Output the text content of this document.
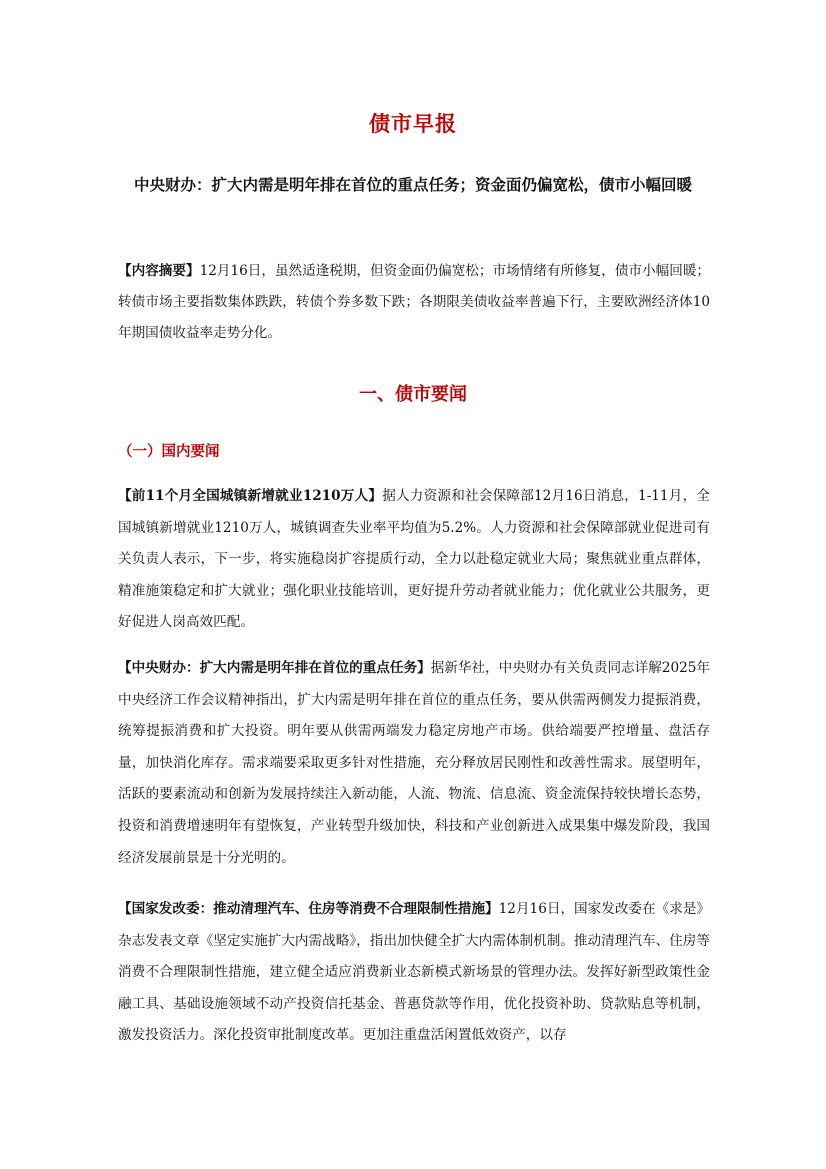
债市早报
中央财办：扩大内需是明年排在首位的重点任务；资金面仍偏宽松，债市小幅回暖
【内容摘要】12月16日，虽然适逢税期，但资金面仍偏宽松；市场情绪有所修复，债市小幅回暖；转债市场主要指数集体跌跌，转债个券多数下跌；各期限美债收益率普遍下行，主要欧洲经济体10年期国债收益率走势分化。
一、债市要闻
（一）国内要闻
【前11个月全国城镇新增就业1210万人】据人力资源和社会保障部12月16日消息，1-11月，全国城镇新增就业1210万人，城镇调查失业率平均值为5.2%。人力资源和社会保障部就业促进司有关负责人表示，下一步，将实施稳岗扩容提质行动，全力以赴稳定就业大局；聚焦就业重点群体，精准施策稳定和扩大就业；强化职业技能培训，更好提升劳动者就业能力；优化就业公共服务，更好促进人岗高效匹配。
【中央财办：扩大内需是明年排在首位的重点任务】据新华社，中央财办有关负责同志详解2025年中央经济工作会议精神指出，扩大内需是明年排在首位的重点任务，要从供需两侧发力提振消费，统筹提振消费和扩大投资。明年要从供需两端发力稳定房地产市场。供给端要严控增量、盘活存量，加快消化库存。需求端要采取更多针对性措施，充分释放居民刚性和改善性需求。展望明年，活跃的要素流动和创新为发展持续注入新动能，人流、物流、信息流、资金流保持较快增长态势，投资和消费增速明年有望恢复，产业转型升级加快，科技和产业创新进入成果集中爆发阶段，我国经济发展前景是十分光明的。
【国家发改委：推动清理汽车、住房等消费不合理限制性措施】12月16日，国家发改委在《求是》杂志发表文章《坚定实施扩大内需战略》，指出加快健全扩大内需体制机制。推动清理汽车、住房等消费不合理限制性措施，建立健全适应消费新业态新模式新场景的管理办法。发挥好新型政策性金融工具、基础设施领域不动产投资信托基金、普惠贷款等作用，优化投资补助、贷款贴息等机制，激发投资活力。深化投资审批制度改革。更加注重盘活闲置低效资产，以存
